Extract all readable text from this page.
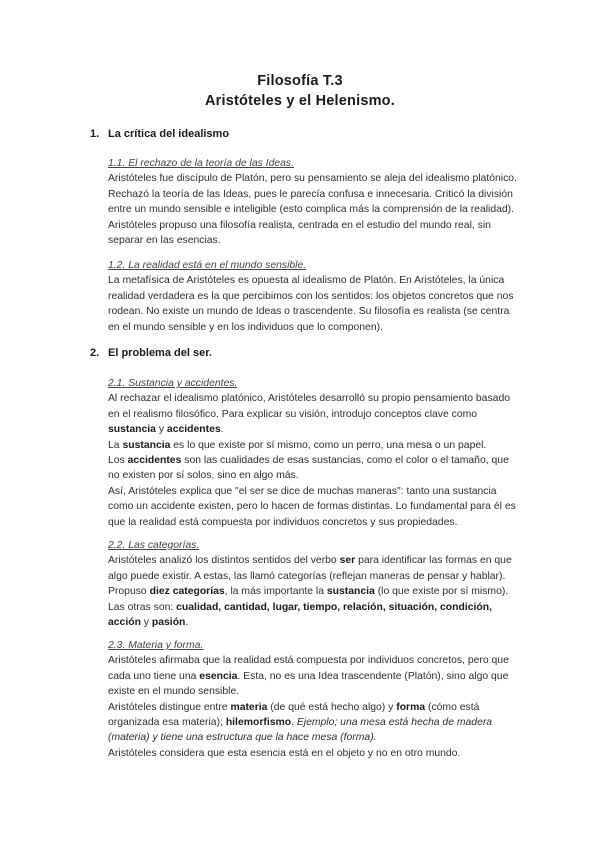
Filosofía T.3
Aristóteles y el Helenismo.
1. La crítica del idealismo

1.1. El rechazo de la teoría de las Ideas.

Aristóteles fue discípulo de Platón, pero su pensamiento se aleja del idealismo platónico. Rechazó la teoría de las Ideas, pues le parecía confusa e innecesaria. Criticó la división entre un mundo sensible e inteligible (esto complica más la comprensión de la realidad). Aristóteles propuso una filosofía realista, centrada en el estudio del mundo real, sin separar en las esencias.

1.2. La realidad está en el mundo sensible.

La metafísica de Aristóteles es opuesta al idealismo de Platón. En Aristóteles, la única realidad verdadera es la que percibimos con los sentidos: los objetos concretos que nos rodean. No existe un mundo de Ideas o trascendente. Su filosofía es realista (se centra en el mundo sensible y en los individuos que lo componen).

2. El problema del ser.

2.1. Sustancia y accidentes.

Al rechazar el idealismo platónico, Aristóteles desarrolló su propio pensamiento basado en el realismo filosófico. Para explicar su visión, introdujo conceptos clave como sustancia y accidentes.

La sustancia es lo que existe por sí mismo, como un perro, una mesa o un papel.

Los accidentes son las cualidades de esas sustancias, como el color o el tamaño, que no existen por sí solos, sino en algo más.

Así, Aristóteles explica que "el ser se dice de muchas maneras": tanto una sustancia como un accidente existen, pero lo hacen de formas distintas. Lo fundamental para él es que la realidad está compuesta por individuos concretos y sus propiedades.

2.2. Las categorías.

Aristóteles analizó los distintos sentidos del verbo ser para identificar las formas en que algo puede existir. A estas, las llamó categorías (reflejan maneras de pensar y hablar). Propuso diez categorías, la más importante la sustancia (lo que existe por sí mismo). Las otras son: cualidad, cantidad, lugar, tiempo, relación, situación, condición, acción y pasión.

2.3. Materia y forma.

Aristóteles afirmaba que la realidad está compuesta por individuos concretos, pero que cada uno tiene una esencia. Esta, no es una Idea trascendente (Platón), sino algo que existe en el mundo sensible.

Aristóteles distingue entre materia (de qué está hecho algo) y forma (cómo está organizada esa materia); hilemorfismo. Ejemplo; una mesa está hecha de madera (materia) y tiene una estructura que la hace mesa (forma).

Aristóteles considera que esta esencia está en el objeto y no en otro mundo.
